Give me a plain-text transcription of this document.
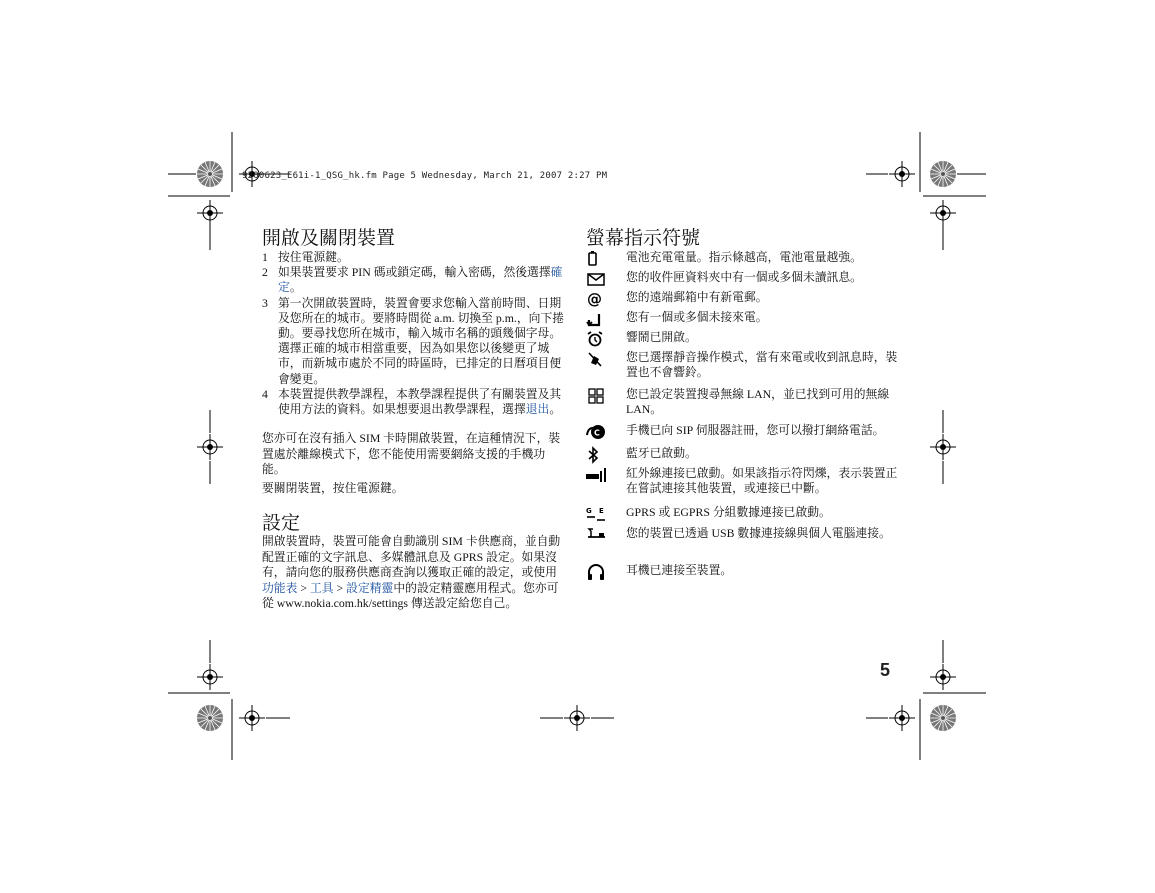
9200623_E61i-1_QSG_hk.fm Page 5 Wednesday, March 21, 2007 2:27 PM
開啟及關閉裝置

1 按住電源鍵。

2 如果裝置要求 PIN 碼或鎖定碼，輸入密碼，然後選擇確定。

3 第一次開啟裝置時，裝置會要求您輸入當前時間、日期及您所在的城市。要將時間從 a.m. 切換至 p.m.，向下捲動。要尋找您所在城市，輸入城市名稱的頭幾個字母。選擇正確的城市相當重要，因為如果您以後變更了城市，而新城市處於不同的時區時，已排定的日曆項目便會變更。

4 本裝置提供教學課程，本教學課程提供了有關裝置及其使用方法的資料。如果想要退出教學課程，選擇退出。

您亦可在沒有插入 SIM 卡時開啟裝置，在這種情況下，裝置處於離線模式下，您不能使用需要網絡支援的手機功能。
要關閉裝置，按住電源鍵。
設定
開啟裝置時，裝置可能會自動識別 SIM 卡供應商，並自動配置正確的文字訊息、多媒體訊息及 GPRS 設定。如果沒有，請向您的服務供應商查詢以獲取正確的設定，或使用功能表 > 工具 > 設定精靈中的設定精靈應用程式。您亦可從 www.nokia.com.hk/settings 傳送設定給您自己。
螢幕指示符號
電池充電電量。指示條越高，電池電量越強。
您的收件匣資料夾中有一個或多個未讀訊息。
@ 您的遠端郵箱中有新電郵。
您有一個或多個未接來電。
響鬧已開啟。
您已選擇靜音操作模式，當有來電或收到訊息時，裝置也不會響鈴。
您已設定裝置搜尋無線 LAN，並已找到可用的無線 LAN。
C 手機已向 SIP 伺服器註冊，您可以撥打網絡電話。
藍牙已啟動。
紅外線連接已啟動。如果該指示符閃爍，表示裝置正在嘗試連接其他裝置，或連接已中斷。
G E GPRS 或 EGPRS 分組數據連接已啟動。
您的裝置已透過 USB 數據連接線與個人電腦連接。
耳機已連接至裝置。
5
